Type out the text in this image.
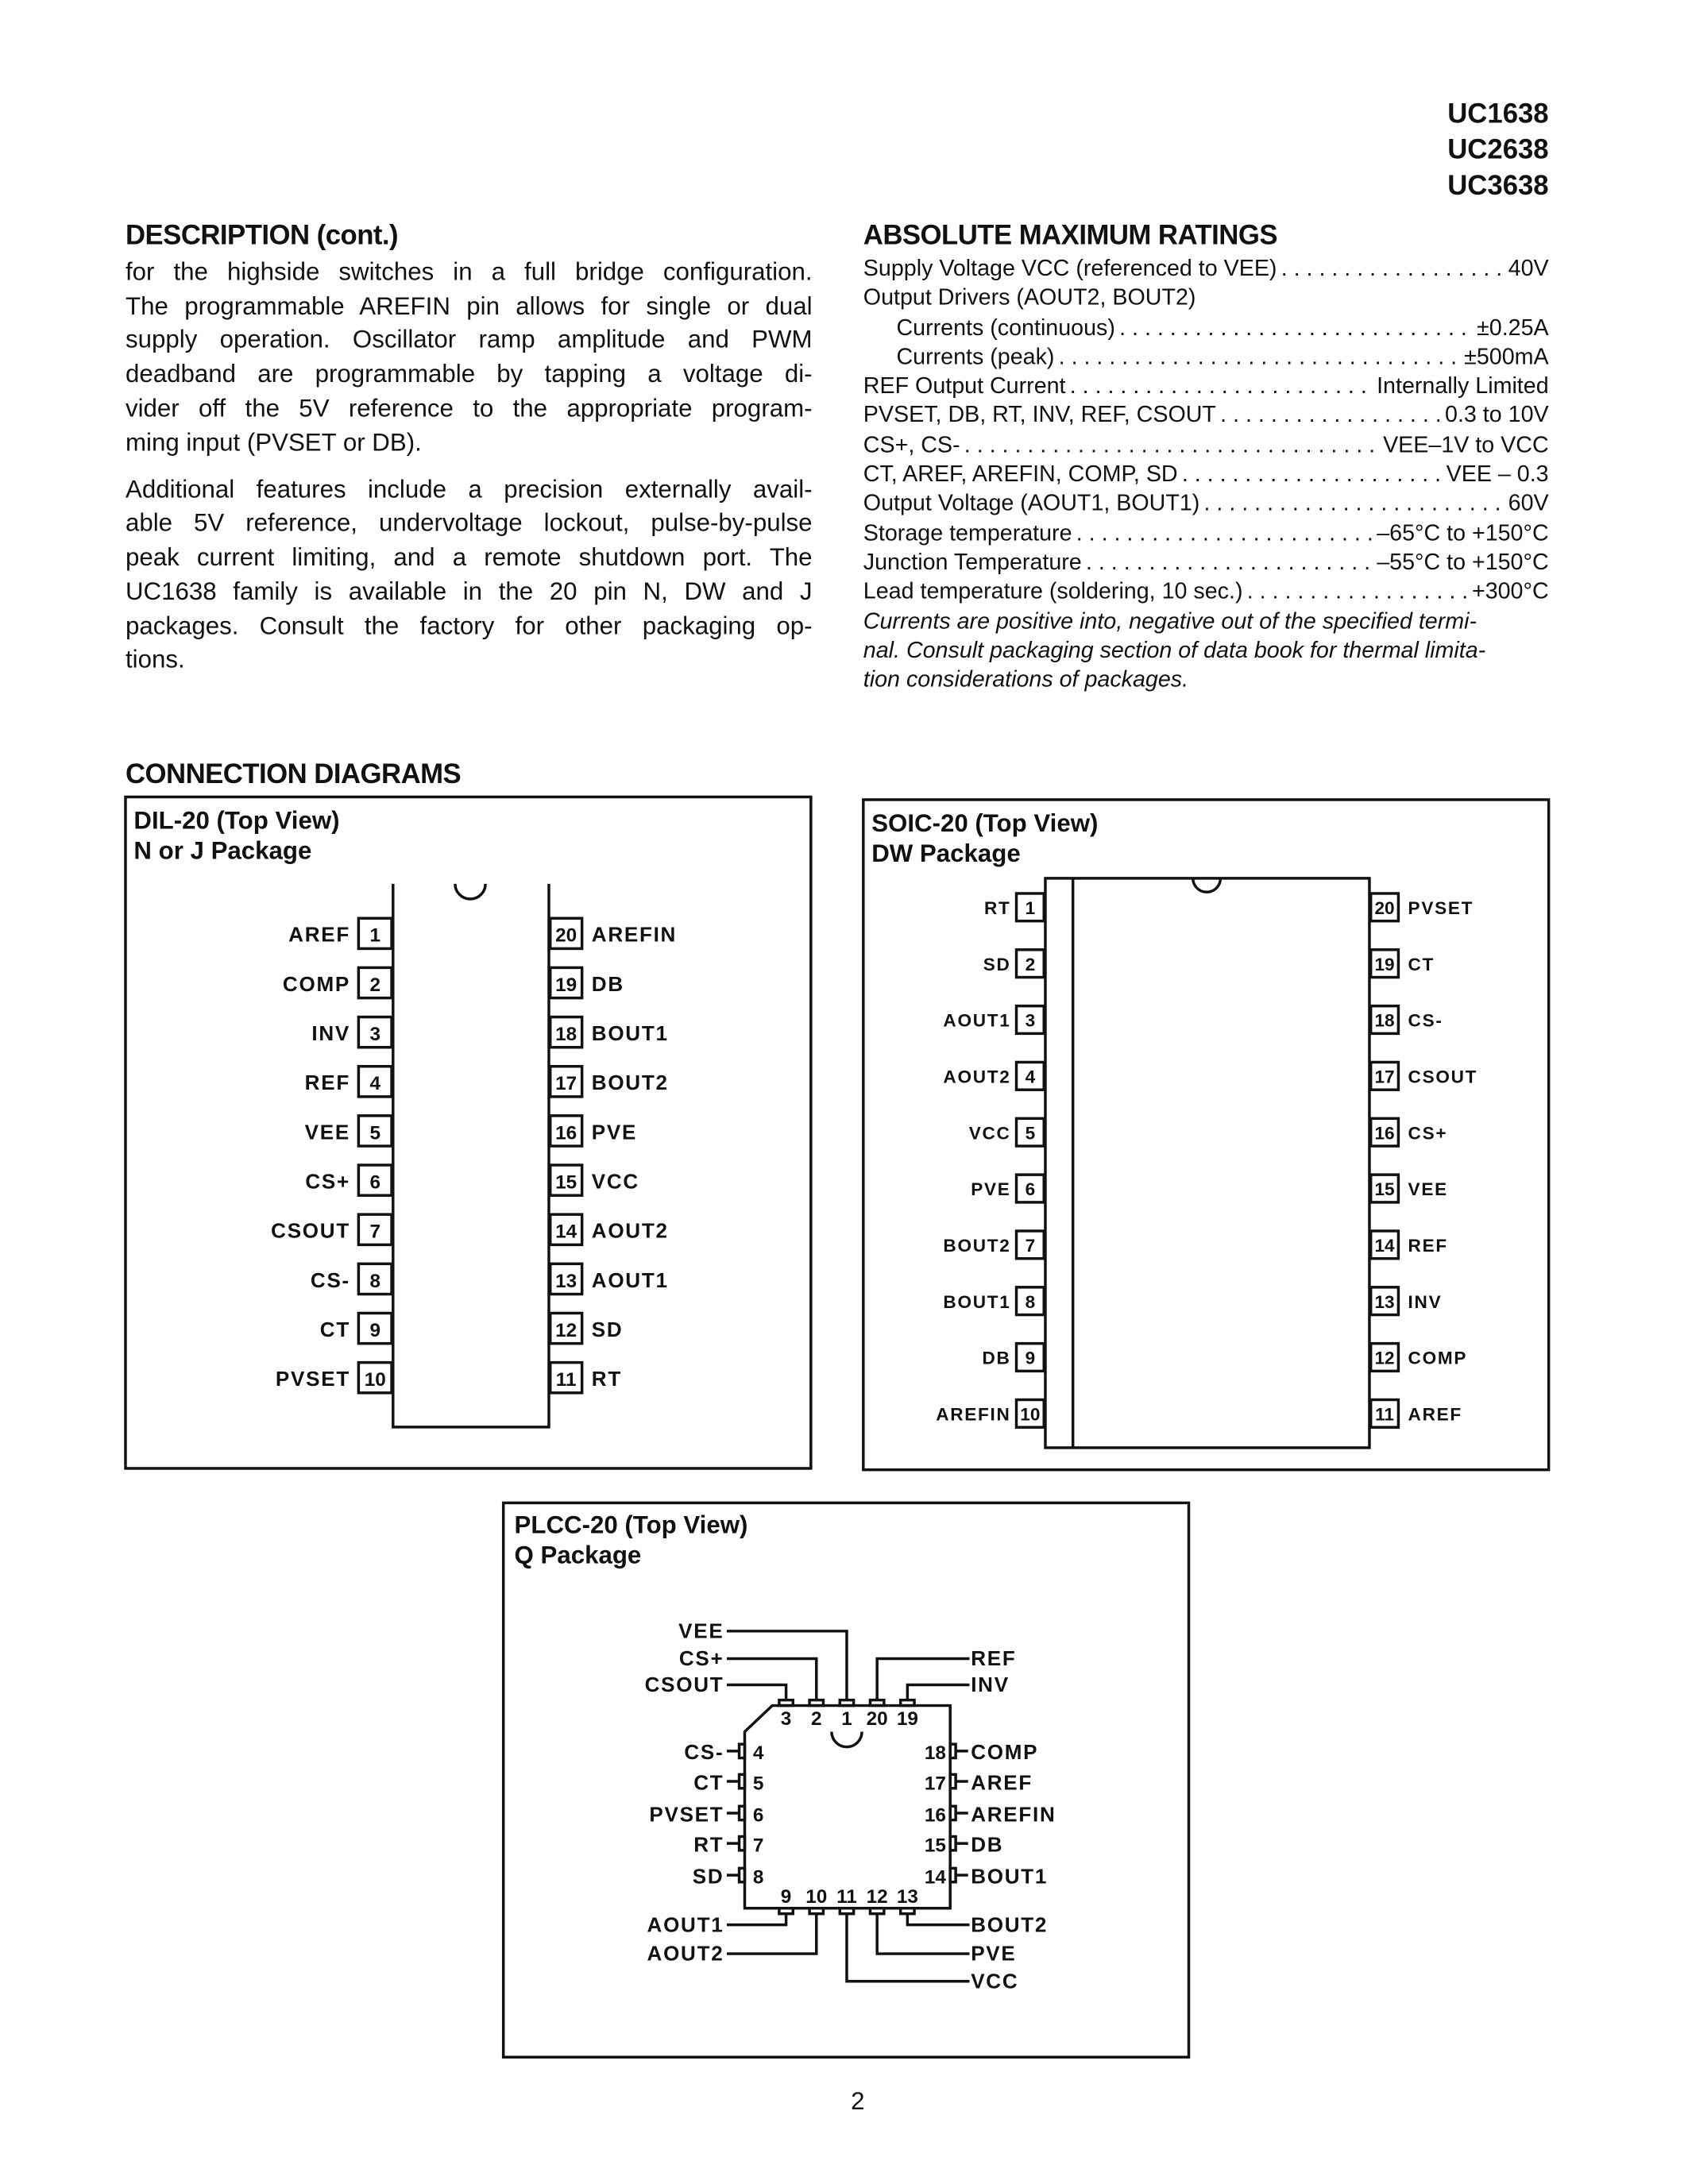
UC1638
UC2638
UC3638
DESCRIPTION (cont.)
for the highside switches in a full bridge configuration.
The programmable AREFIN pin allows for single or dual
supply operation. Oscillator ramp amplitude and PWM
deadband are programmable by tapping a voltage di-
vider off the 5V reference to the appropriate program-
ming input (PVSET or DB).
Additional features include a precision externally avail-
able 5V reference, undervoltage lockout, pulse-by-pulse
peak current limiting, and a remote shutdown port. The
UC1638 family is available in the 20 pin N, DW and J
packages. Consult the factory for other packaging op-
tions.
ABSOLUTE MAXIMUM RATINGS
Supply Voltage VCC (referenced to VEE) . . .	40V
Output Drivers (AOUT2, BOUT2)
Currents (continuous) . . .	±0.25A
Currents (peak) . . .	±500mA
REF Output Current . . .	Internally Limited
PVSET, DB, RT, INV, REF, CSOUT . . .	0.3 to 10V
CS+, CS- . . .	VEE–1V to VCC
CT, AREF, AREFIN, COMP, SD . . .	VEE – 0.3
Output Voltage (AOUT1, BOUT1) . . .	60V
Storage temperature . . .	–65°C to +150°C
Junction Temperature . . .	–55°C to +150°C
Lead temperature (soldering, 10 sec.) . . .	+300°C
Currents are positive into, negative out of the specified termi-
nal. Consult packaging section of data book for thermal limita-
tion considerations of packages.
CONNECTION DIAGRAMS
DIL-20 (Top View)
N or J Package
1
AREF	20 AREFIN
2
COMP	19 DB
3
INV	18 BOUT1
4
REF	17 BOUT2
5
VEE	16 PVE
6
CS+	15 VCC
7
CSOUT	14 AOUT2
8
CS-	13 AOUT1
9
CT	12 SD
10
PVSET	11 RT
SOIC-20 (Top View)
DW Package
1
RT	20 PVSET
2
SD	19 CT
3
AOUT1	18 CS-
4
AOUT2	17 CSOUT
5
VCC	16 CS+
6
PVE	15 VEE
7
BOUT2	14 REF
8
BOUT1	13 INV
9
DB	12 COMP
10
AREFIN	11 AREF
PLCC-20 (Top View)
Q Package
3
CSOUT
9
AOUT1
2
CS+
10
AOUT2
1
VEE
11
VCC
20
REF
12
PVE
19
INV
13
BOUT2
4
CS-	18 COMP
5
CT	17 AREF
6
PVSET	16 AREFIN
7
RT	15 DB
8
SD	14 BOUT1
2
